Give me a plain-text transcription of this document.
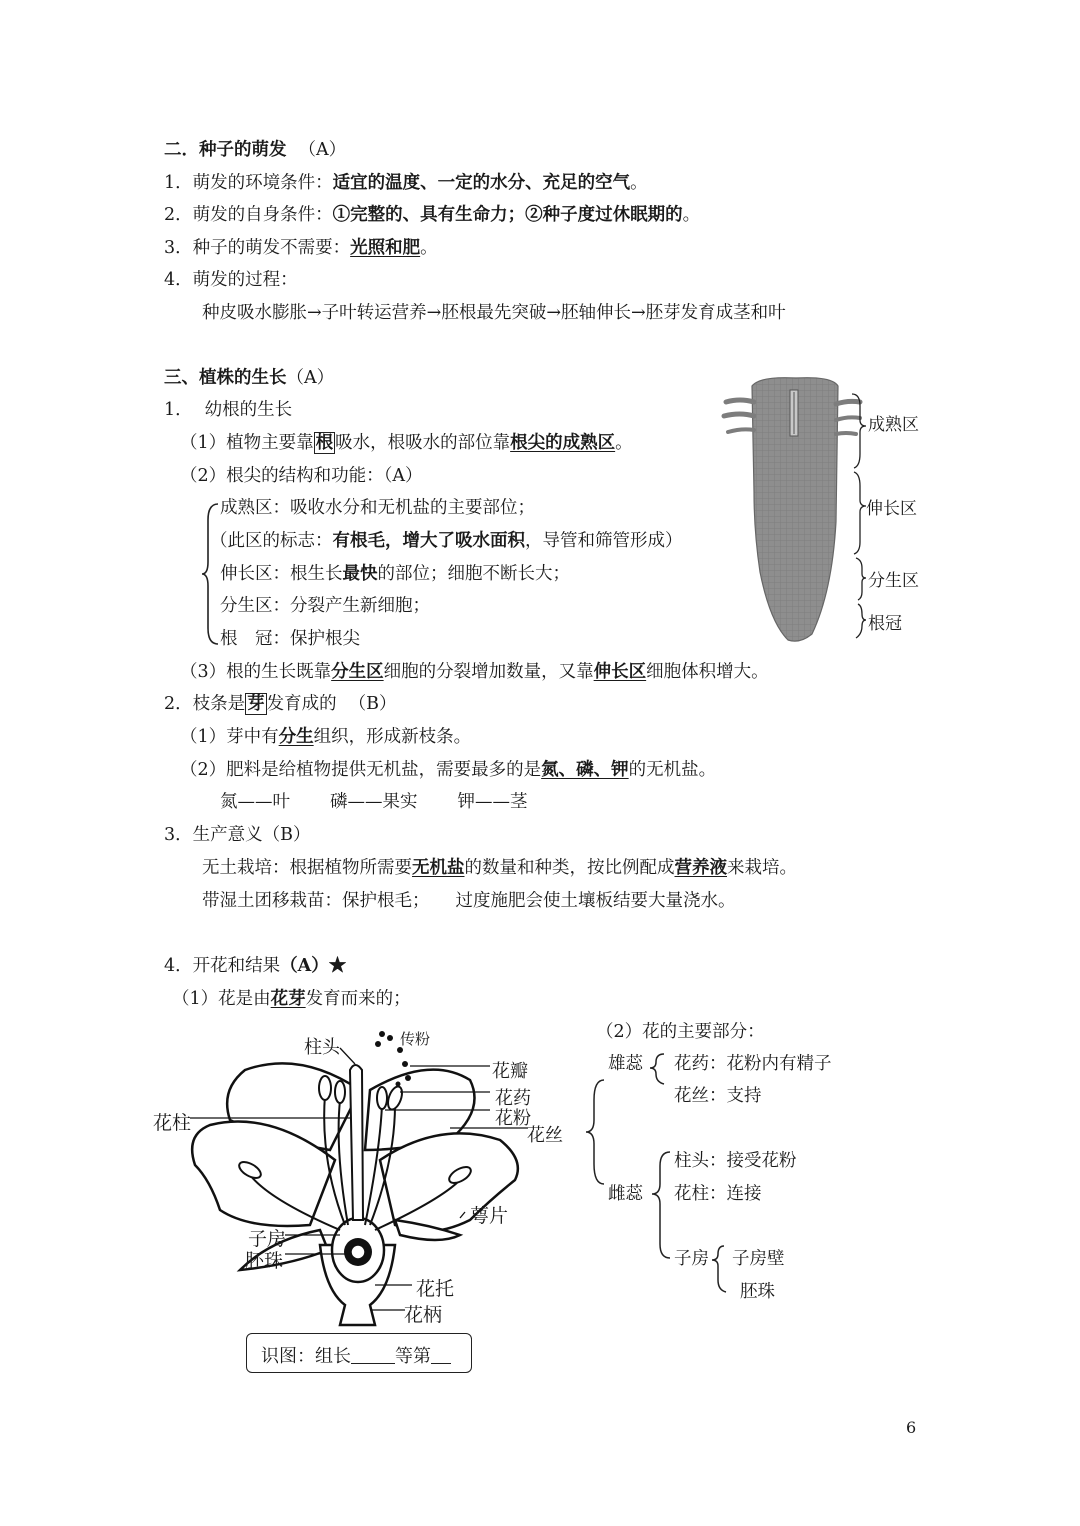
二．种子的萌发 （A）
1．萌发的环境条件：适宜的温度、一定的水分、充足的空气。
2．萌发的自身条件：①完整的、具有生命力；②种子度过休眠期的。
3．种子的萌发不需要：光照和肥。
4．萌发的过程：
种皮吸水膨胀→子叶转运营养→胚根最先突破→胚轴伸长→胚芽发育成茎和叶
三、植株的生长（A）
1． 幼根的生长
（1）植物主要靠 根 吸水，根吸水的部位靠根尖的成熟区。
（2）根尖的结构和功能：（A）
成熟区：吸收水分和无机盐的主要部位；
（此区的标志：有根毛，增大了吸水面积，导管和筛管形成）
伸长区：根生长最快的部位；细胞不断长大；
分生区：分裂产生新细胞；
根　冠：保护根尖
（3）根的生长既靠分生区细胞的分裂增加数量，又靠伸长区细胞体积增大。
成熟区
伸长区
分生区
根冠
2．枝条是 芽 发育成的 （B）
（1）芽中有分生组织，形成新枝条。
（2）肥料是给植物提供无机盐，需要最多的是氮、磷、钾的无机盐。
氮——叶 磷——果实 钾——茎
3．生产意义（B）
无土栽培：根据植物所需要无机盐的数量和种类，按比例配成营养液来栽培。
带湿土团移栽苗：保护根毛； 过度施肥会使土壤板结要大量浇水。
4．开花和结果（A）★
（1）花是由花芽发育而来的；
柱头	传粉
花瓣
花药
花粉
花丝
花柱
萼片
子房
胚珠
花托
花柄
识图：组长 等第
（2）花的主要部分：
雄蕊 花药：花粉内有精子
花丝：支持
雌蕊
柱头：接受花粉
花柱：连接
子房 子房壁
胚珠
6
